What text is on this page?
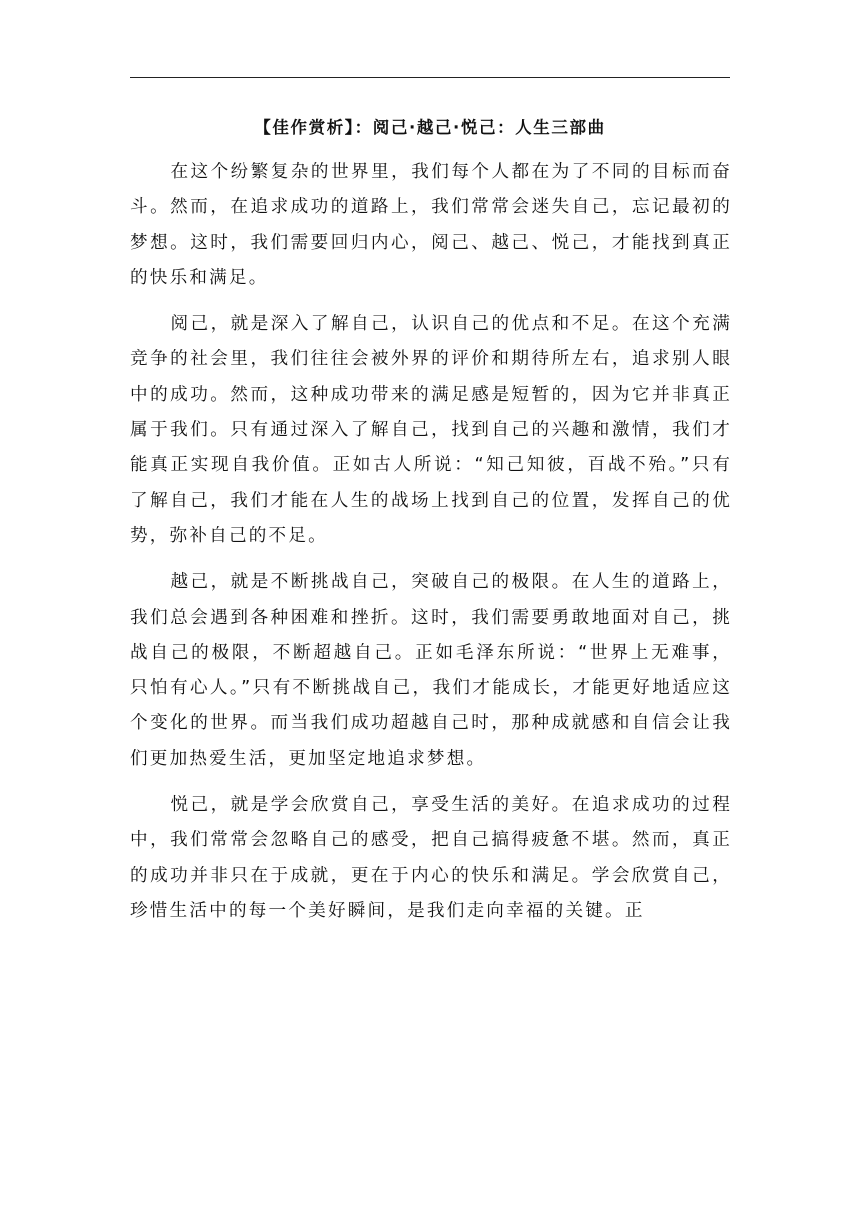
【佳作赏析】：阅己·越己·悦己：人生三部曲

在这个纷繁复杂的世界里，我们每个人都在为了不同的目标而奋斗。然而，在追求成功的道路上，我们常常会迷失自己，忘记最初的梦想。这时，我们需要回归内心，阅己、越己、悦己，才能找到真正的快乐和满足。

阅己，就是深入了解自己，认识自己的优点和不足。在这个充满竞争的社会里，我们往往会被外界的评价和期待所左右，追求别人眼中的成功。然而，这种成功带来的满足感是短暂的，因为它并非真正属于我们。只有通过深入了解自己，找到自己的兴趣和激情，我们才能真正实现自我价值。正如古人所说：“知己知彼，百战不殆。”只有了解自己，我们才能在人生的战场上找到自己的位置，发挥自己的优势，弥补自己的不足。

越己，就是不断挑战自己，突破自己的极限。在人生的道路上，我们总会遇到各种困难和挫折。这时，我们需要勇敢地面对自己，挑战自己的极限，不断超越自己。正如毛泽东所说：“世界上无难事，只怕有心人。”只有不断挑战自己，我们才能成长，才能更好地适应这个变化的世界。而当我们成功超越自己时，那种成就感和自信会让我们更加热爱生活，更加坚定地追求梦想。

悦己，就是学会欣赏自己，享受生活的美好。在追求成功的过程中，我们常常会忽略自己的感受，把自己搞得疲惫不堪。然而，真正的成功并非只在于成就，更在于内心的快乐和满足。学会欣赏自己，珍惜生活中的每一个美好瞬间，是我们走向幸福的关键。正
